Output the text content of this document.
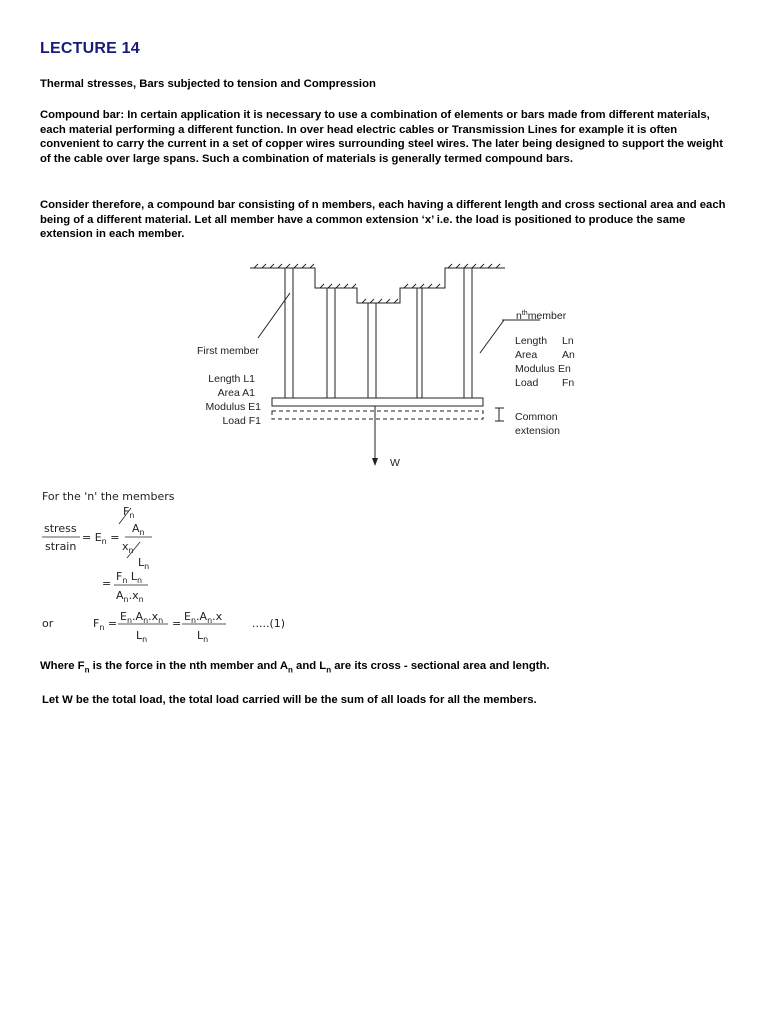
LECTURE 14

Thermal stresses, Bars subjected to tension and Compression

Compound bar: In certain application it is necessary to use a combination of elements or bars made from different materials, each material performing a different function. In over head electric cables or Transmission Lines for example it is often convenient to carry the current in a set of copper wires surrounding steel wires. The later being designed to support the weight of the cable over large spans. Such a combination of materials is generally termed compound bars.

Consider therefore, a compound bar consisting of n members, each having a different length and cross sectional area and each being of a different material. Let all member have a common extension ‘x’ i.e. the load is positioned to produce the same extension in each member.

First member
Length L1
Area A1
Modulus E1
Load F1
$n^{th}member$
Length Ln
Area An
Modulus En
Load Fn
Common
extension
W
For the 'n' the members
stress
strain
= $E_n$ =
$F_n$
$A_n$
$x_n$
$L_n$
=
$F_n$ $L_n$
$A_n.x_n$
or	$F_n$ =
$E_n.A_n.x_n$
$L_n$
=
$E_n.A_n.x$
$L_n$
.....(1)

Where $F_n$ is the force in the nth member and $A_n$ and $L_n$ are its cross - sectional area and length.

Let W be the total load, the total load carried will be the sum of all loads for all the members.
